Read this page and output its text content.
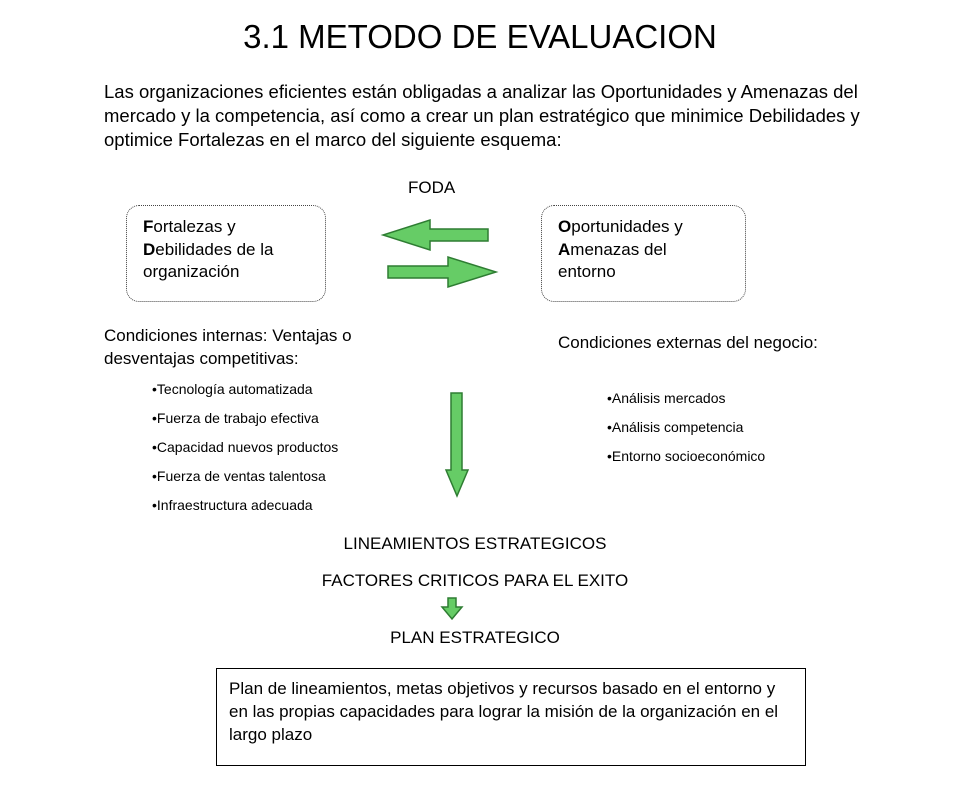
3.1 METODO DE EVALUACION
Las organizaciones eficientes están obligadas a analizar las Oportunidades y Amenazas del mercado y la competencia, así como a crear un plan estratégico que minimice Debilidades y optimice Fortalezas en el marco del siguiente esquema:
FODA
Fortalezas y
Debilidades de la
organización
Oportunidades y
Amenazas del
entorno
Condiciones internas: Ventajas o desventajas competitivas:
• Tecnología automatizada
• Fuerza de trabajo efectiva
• Capacidad nuevos productos
• Fuerza de ventas talentosa
• Infraestructura adecuada
Condiciones externas del negocio:
• Análisis mercados
• Análisis competencia
• Entorno socioeconómico
LINEAMIENTOS ESTRATEGICOS
FACTORES CRITICOS PARA EL EXITO
PLAN ESTRATEGICO
Plan de lineamientos, metas objetivos y recursos basado en el entorno y en las propias capacidades para lograr la misión de la organización en el largo plazo
